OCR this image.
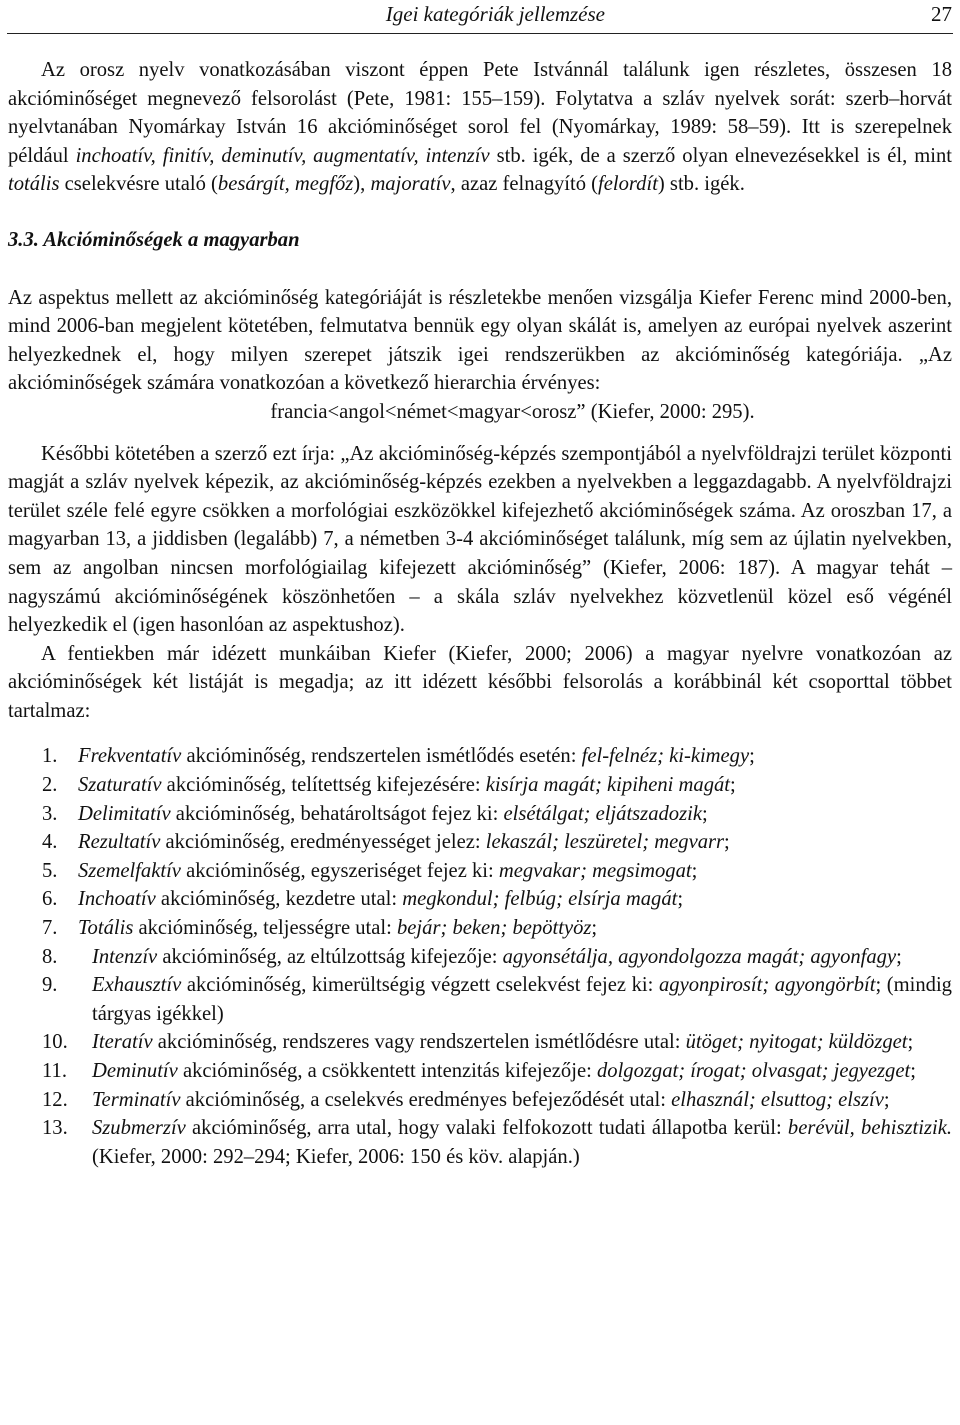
Igei kategóriák jellemzése	27

Az orosz nyelv vonatkozásában viszont éppen Pete Istvánnál találunk igen részletes, összesen 18 akcióminőséget megnevező felsorolást (Pete, 1981: 155–159). Folytatva a szláv nyelvek sorát: szerb–horvát nyelvtanában Nyomárkay István 16 akcióminőséget sorol fel (Nyomárkay, 1989: 58–59). Itt is szerepelnek például inchoatív, finitív, deminutív, augmentatív, intenzív stb. igék, de a szerző olyan elnevezésekkel is él, mint totális cselekvésre utaló (besárgít, megfőz), majoratív, azaz felnagyító (felordít) stb. igék.

3.3. Akcióminőségek a magyarban

Az aspektus mellett az akcióminőség kategóriáját is részletekbe menően vizsgálja Kiefer Ferenc mind 2000-ben, mind 2006-ban megjelent kötetében, felmutatva bennük egy olyan skálát is, amelyen az európai nyelvek aszerint helyezkednek el, hogy milyen szerepet játszik igei rendszerükben az akcióminőség kategóriája. „Az akcióminőségek számára vonatkozóan a következő hierarchia érvényes:

francia<angol<német<magyar<orosz” (Kiefer, 2000: 295).

Későbbi kötetében a szerző ezt írja: „Az akcióminőség-képzés szempontjából a nyelvföldrajzi terület központi magját a szláv nyelvek képezik, az akcióminőség-képzés ezekben a nyelvekben a leggazdagabb. A nyelvföldrajzi terület széle felé egyre csökken a morfológiai eszközökkel kifejezhető akcióminőségek száma. Az oroszban 17, a magyarban 13, a jiddisben (legalább) 7, a németben 3-4 akcióminőséget találunk, míg sem az újlatin nyelvekben, sem az angolban nincsen morfológiailag kifejezett akcióminőség” (Kiefer, 2006: 187). A magyar tehát – nagyszámú akcióminőségének köszönhetően – a skála szláv nyelvekhez közvetlenül közel eső végénél helyezkedik el (igen hasonlóan az aspektushoz).

A fentiekben már idézett munkáiban Kiefer (Kiefer, 2000; 2006) a magyar nyelvre vonatkozóan az akcióminőségek két listáját is megadja; az itt idézett későbbi felsorolás a korábbinál két csoporttal többet tartalmaz:

1. Frekventatív akcióminőség, rendszertelen ismétlődés esetén: fel-felnéz; ki-kimegy;
2. Szaturatív akcióminőség, telítettség kifejezésére: kisírja magát; kipiheni magát;
3. Delimitatív akcióminőség, behatároltságot fejez ki: elsétálgat; eljátszadozik;
4. Rezultatív akcióminőség, eredményességet jelez: lekaszál; leszüretel; megvarr;
5. Szemelfaktív akcióminőség, egyszeriséget fejez ki: megvakar; megsimogat;
6. Inchoatív akcióminőség, kezdetre utal: megkondul; felbúg; elsírja magát;
7. Totális akcióminőség, teljességre utal: bejár; beken; bepöttyöz;
8.	Intenzív akcióminőség, az eltúlzottság kifejezője: agyonsétálja, agyondolgozza magát; agyonfagy;
9.	Exhausztív akcióminőség, kimerültségig végzett cselekvést fejez ki: agyonpirosít; agyongörbít; (mindig tárgyas igékkel)
10.	Iteratív akcióminőség, rendszeres vagy rendszertelen ismétlődésre utal: ütöget; nyitogat; küldözget;
11.	Deminutív akcióminőség, a csökkentett intenzitás kifejezője: dolgozgat; írogat; olvasgat; jegyezget;
12.	Terminatív akcióminőség, a cselekvés eredményes befejeződését utal: elhasznál; elsuttog; elszív;
13.	Szubmerzív akcióminőség, arra utal, hogy valaki felfokozott tudati állapotba kerül: berévül, behisztizik. (Kiefer, 2000: 292–294; Kiefer, 2006: 150 és köv. alapján.)
